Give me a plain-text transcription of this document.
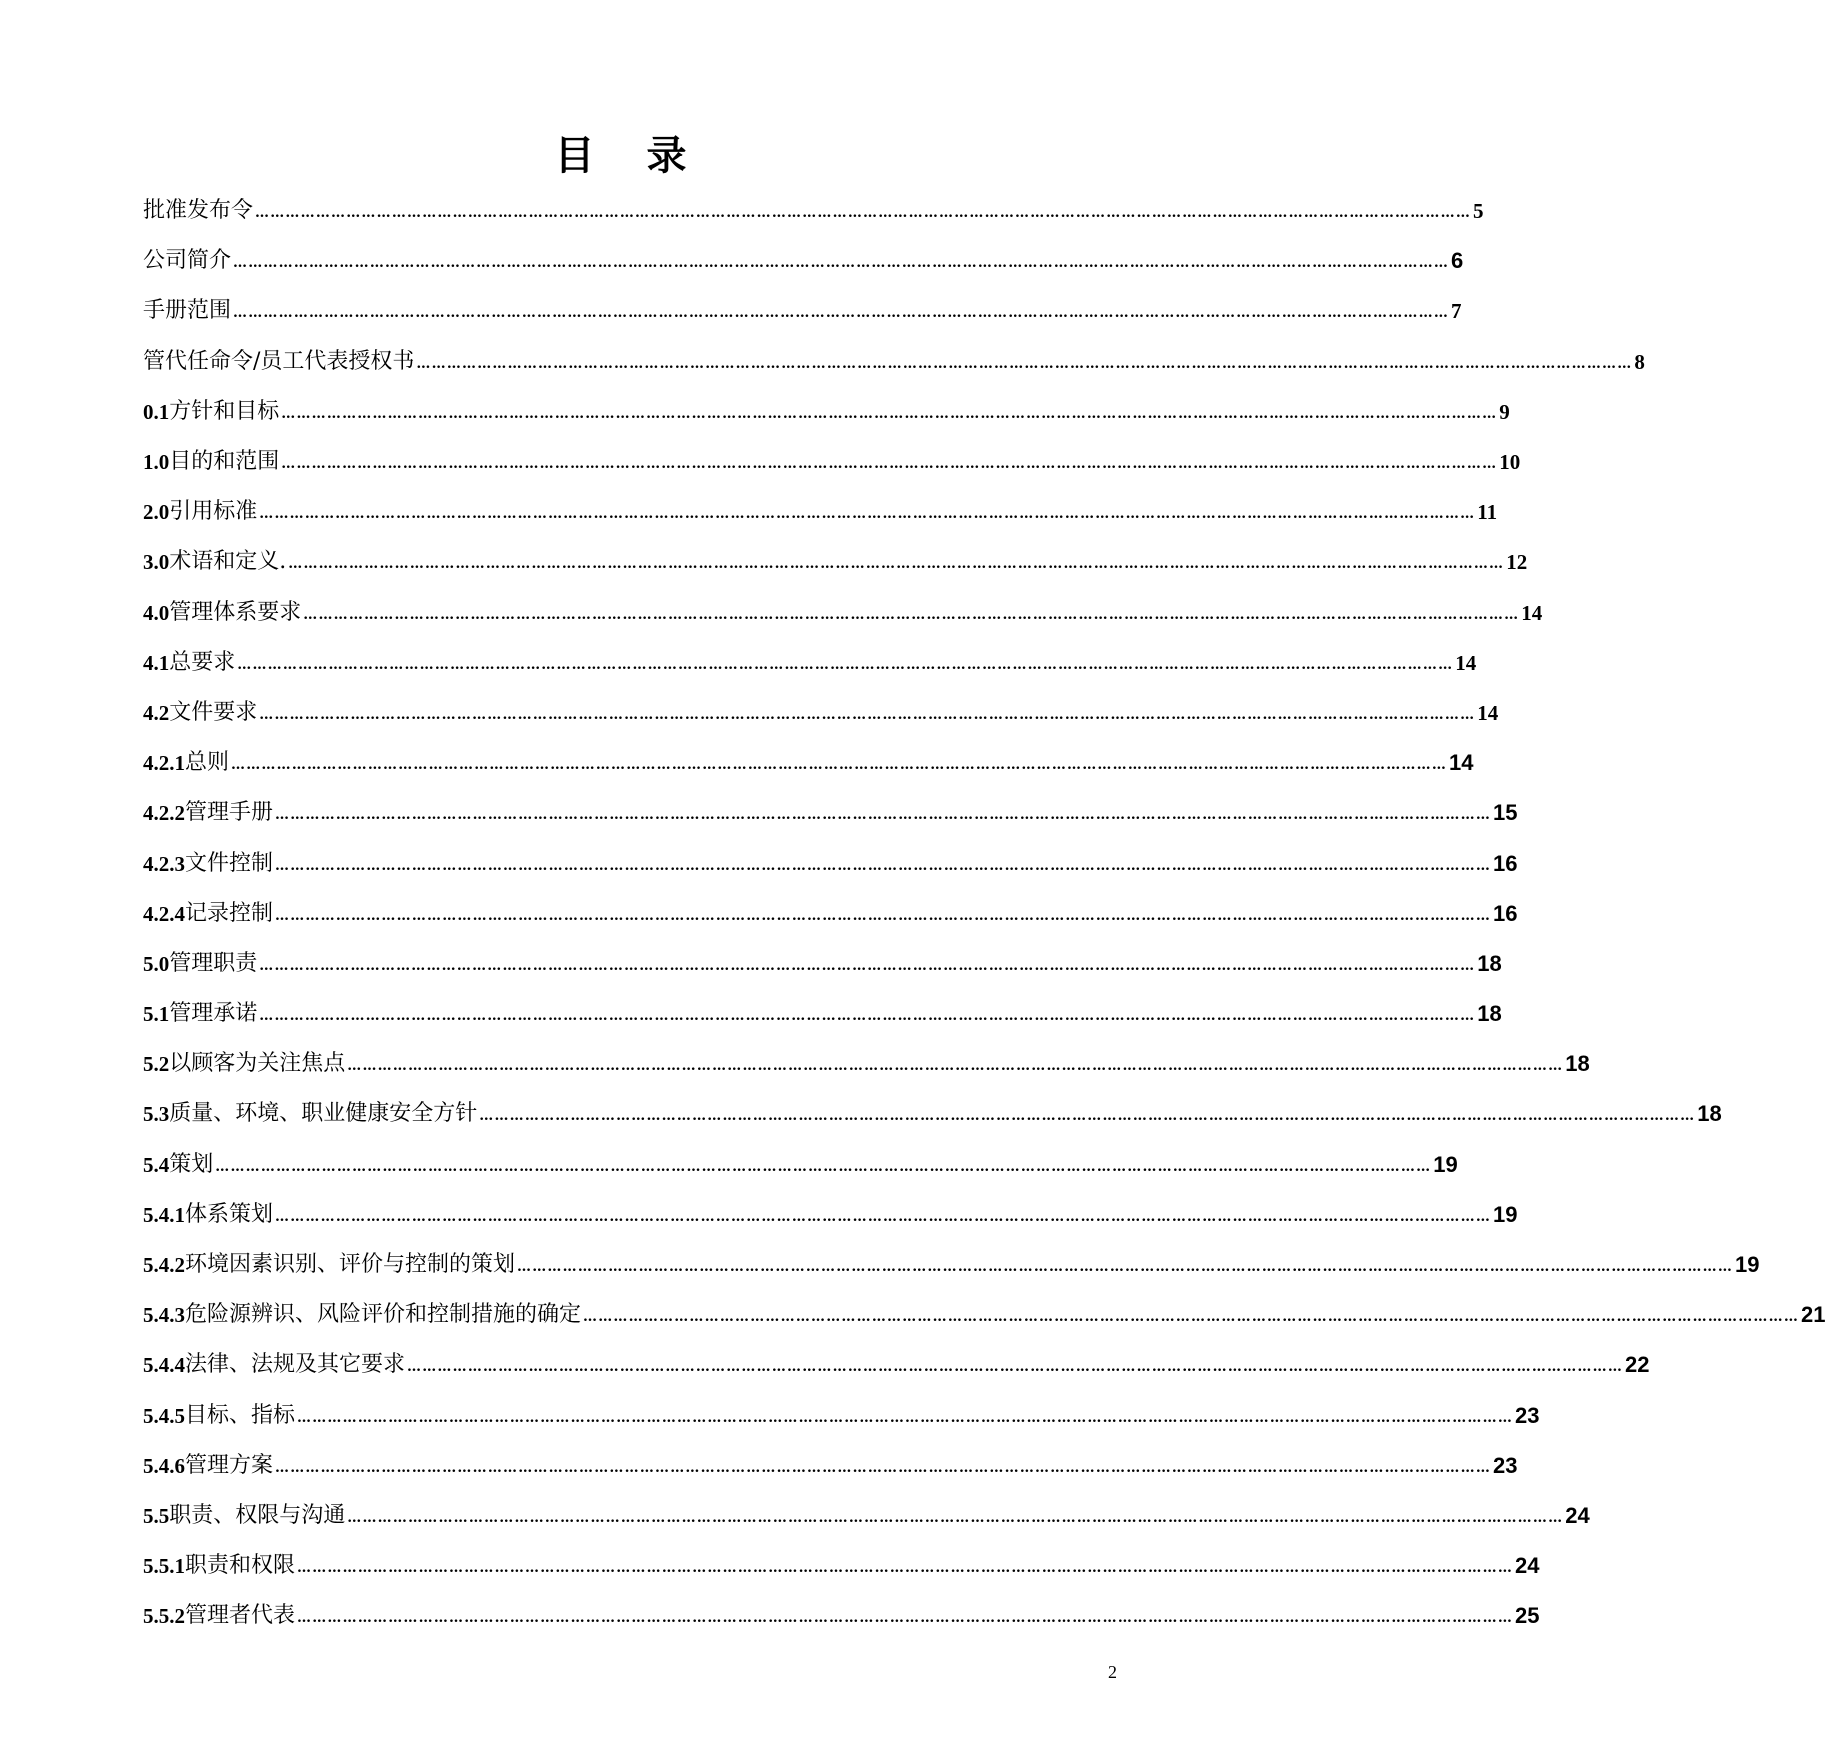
目 录
批准发布令 …………………………………………………………………………………………………………………………………………………………………………………………………………………… 5
公司简介 …………………………………………………………………………………………………………………………………………………………………………………………………………………… 6
手册范围 …………………………………………………………………………………………………………………………………………………………………………………………………………………… 7
管代任命令/员工代表授权书 …………………………………………………………………………………………………………………………………………………………………………………………………………………… 8
0.1 方针和目标 …………………………………………………………………………………………………………………………………………………………………………………………………………………… 9
1.0 目的和范围 …………………………………………………………………………………………………………………………………………………………………………………………………………………… 10
2.0 引用标准 …………………………………………………………………………………………………………………………………………………………………………………………………………………… 11
3.0 术语和定义. …………………………………………………………………………………………………………………………………………………………………………………………………………………… 12
4.0 管理体系要求 …………………………………………………………………………………………………………………………………………………………………………………………………………………… 14
4.1 总要求 …………………………………………………………………………………………………………………………………………………………………………………………………………………… 14
4.2 文件要求 …………………………………………………………………………………………………………………………………………………………………………………………………………………… 14
4.2.1 总则 …………………………………………………………………………………………………………………………………………………………………………………………………………………… 14
4.2.2 管理手册 …………………………………………………………………………………………………………………………………………………………………………………………………………………… 15
4.2.3 文件控制 …………………………………………………………………………………………………………………………………………………………………………………………………………………… 16
4.2.4 记录控制 …………………………………………………………………………………………………………………………………………………………………………………………………………………… 16
5.0 管理职责 …………………………………………………………………………………………………………………………………………………………………………………………………………………… 18
5.1 管理承诺 …………………………………………………………………………………………………………………………………………………………………………………………………………………… 18
5.2 以顾客为关注焦点 …………………………………………………………………………………………………………………………………………………………………………………………………………………… 18
5.3 质量、环境、职业健康安全方针 …………………………………………………………………………………………………………………………………………………………………………………………………………………… 18
5.4 策划 …………………………………………………………………………………………………………………………………………………………………………………………………………………… 19
5.4.1 体系策划 …………………………………………………………………………………………………………………………………………………………………………………………………………………… 19
5.4.2 环境因素识别、评价与控制的策划 …………………………………………………………………………………………………………………………………………………………………………………………………………………… 19
5.4.3 危险源辨识、风险评价和控制措施的确定 …………………………………………………………………………………………………………………………………………………………………………………………………………………… 21
5.4.4 法律、法规及其它要求 …………………………………………………………………………………………………………………………………………………………………………………………………………………… 22
5.4.5 目标、指标 …………………………………………………………………………………………………………………………………………………………………………………………………………………… 23
5.4.6 管理方案 …………………………………………………………………………………………………………………………………………………………………………………………………………………… 23
5.5 职责、权限与沟通 …………………………………………………………………………………………………………………………………………………………………………………………………………………… 24
5.5.1 职责和权限 …………………………………………………………………………………………………………………………………………………………………………………………………………………… 24
5.5.2 管理者代表 …………………………………………………………………………………………………………………………………………………………………………………………………………………… 25
2
